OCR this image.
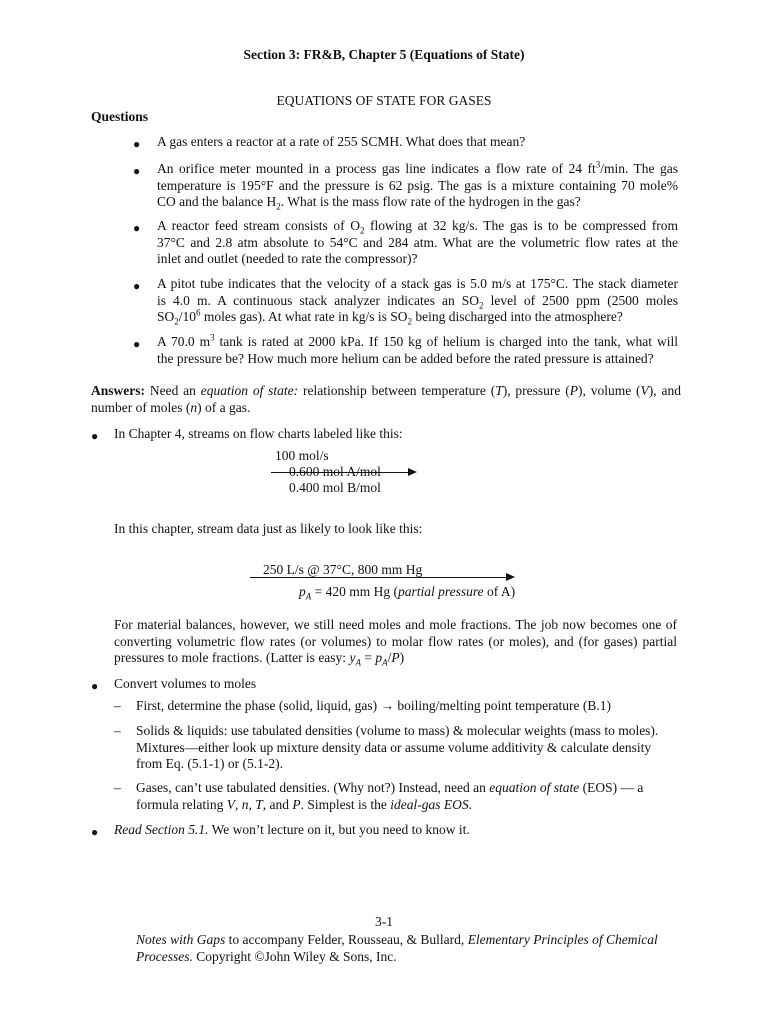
Section 3: FR&B, Chapter 5 (Equations of State)
EQUATIONS OF STATE FOR GASES
Questions
● A gas enters a reactor at a rate of 255 SCMH. What does that mean?
● An orifice meter mounted in a process gas line indicates a flow rate of 24 $ft^3/\min$. The gas
temperature is 195°F and the pressure is 62 psig. The gas is a mixture containing 70 mole%
CO and the balance $H_2$. What is the mass flow rate of the hydrogen in the gas?
● A reactor feed stream consists of $O_2$ flowing at 32 kg/s. The gas is to be compressed from
37°C and 2.8 atm absolute to 54°C and 284 atm. What are the volumetric flow rates at the
inlet and outlet (needed to rate the compressor)?
● A pitot tube indicates that the velocity of a stack gas is 5.0 m/s at 175°C. The stack diameter
is 4.0 m. A continuous stack analyzer indicates an $SO_2$ level of 2500 ppm (2500 moles
$SO_2/10^6$ moles gas). At what rate in kg/s is $SO_2$ being discharged into the atmosphere?
● A 70.0 $m^3$ tank is rated at 2000 kPa. If 150 kg of helium is charged into the tank, what will
the pressure be? How much more helium can be added before the rated pressure is attained?
Answers: Need an equation of state: relationship between temperature (T), pressure (P), volume (V), and
number of moles (n) of a gas.
● In Chapter 4, streams on flow charts labeled like this:
100 mol/s
0.600 mol A/mol
0.400 mol B/mol
In this chapter, stream data just as likely to look like this:
250 L/s @ 37°C, 800 mm Hg
$p_A = 420$ mm Hg (partial pressure of A)
For material balances, however, we still need moles and mole fractions. The job now becomes one of
converting volumetric flow rates (or volumes) to molar flow rates (or moles), and (for gases) partial
pressures to mole fractions. (Latter is easy: $y_A = p_A/P$)
● Convert volumes to moles
– First, determine the phase (solid, liquid, gas) → boiling/melting point temperature (B.1)
– Solids & liquids: use tabulated densities (volume to mass) & molecular weights (mass to moles).
Mixtures—either look up mixture density data or assume volume additivity & calculate density
from Eq. (5.1-1) or (5.1-2).
– Gases, can’t use tabulated densities. (Why not?) Instead, need an equation of state (EOS) — a
formula relating V, n, T, and P. Simplest is the ideal-gas EOS.
● Read Section 5.1. We won’t lecture on it, but you need to know it.
3-1
Notes with Gaps to accompany Felder, Rousseau, & Bullard, Elementary Principles of Chemical
Processes. Copyright ©John Wiley & Sons, Inc.
